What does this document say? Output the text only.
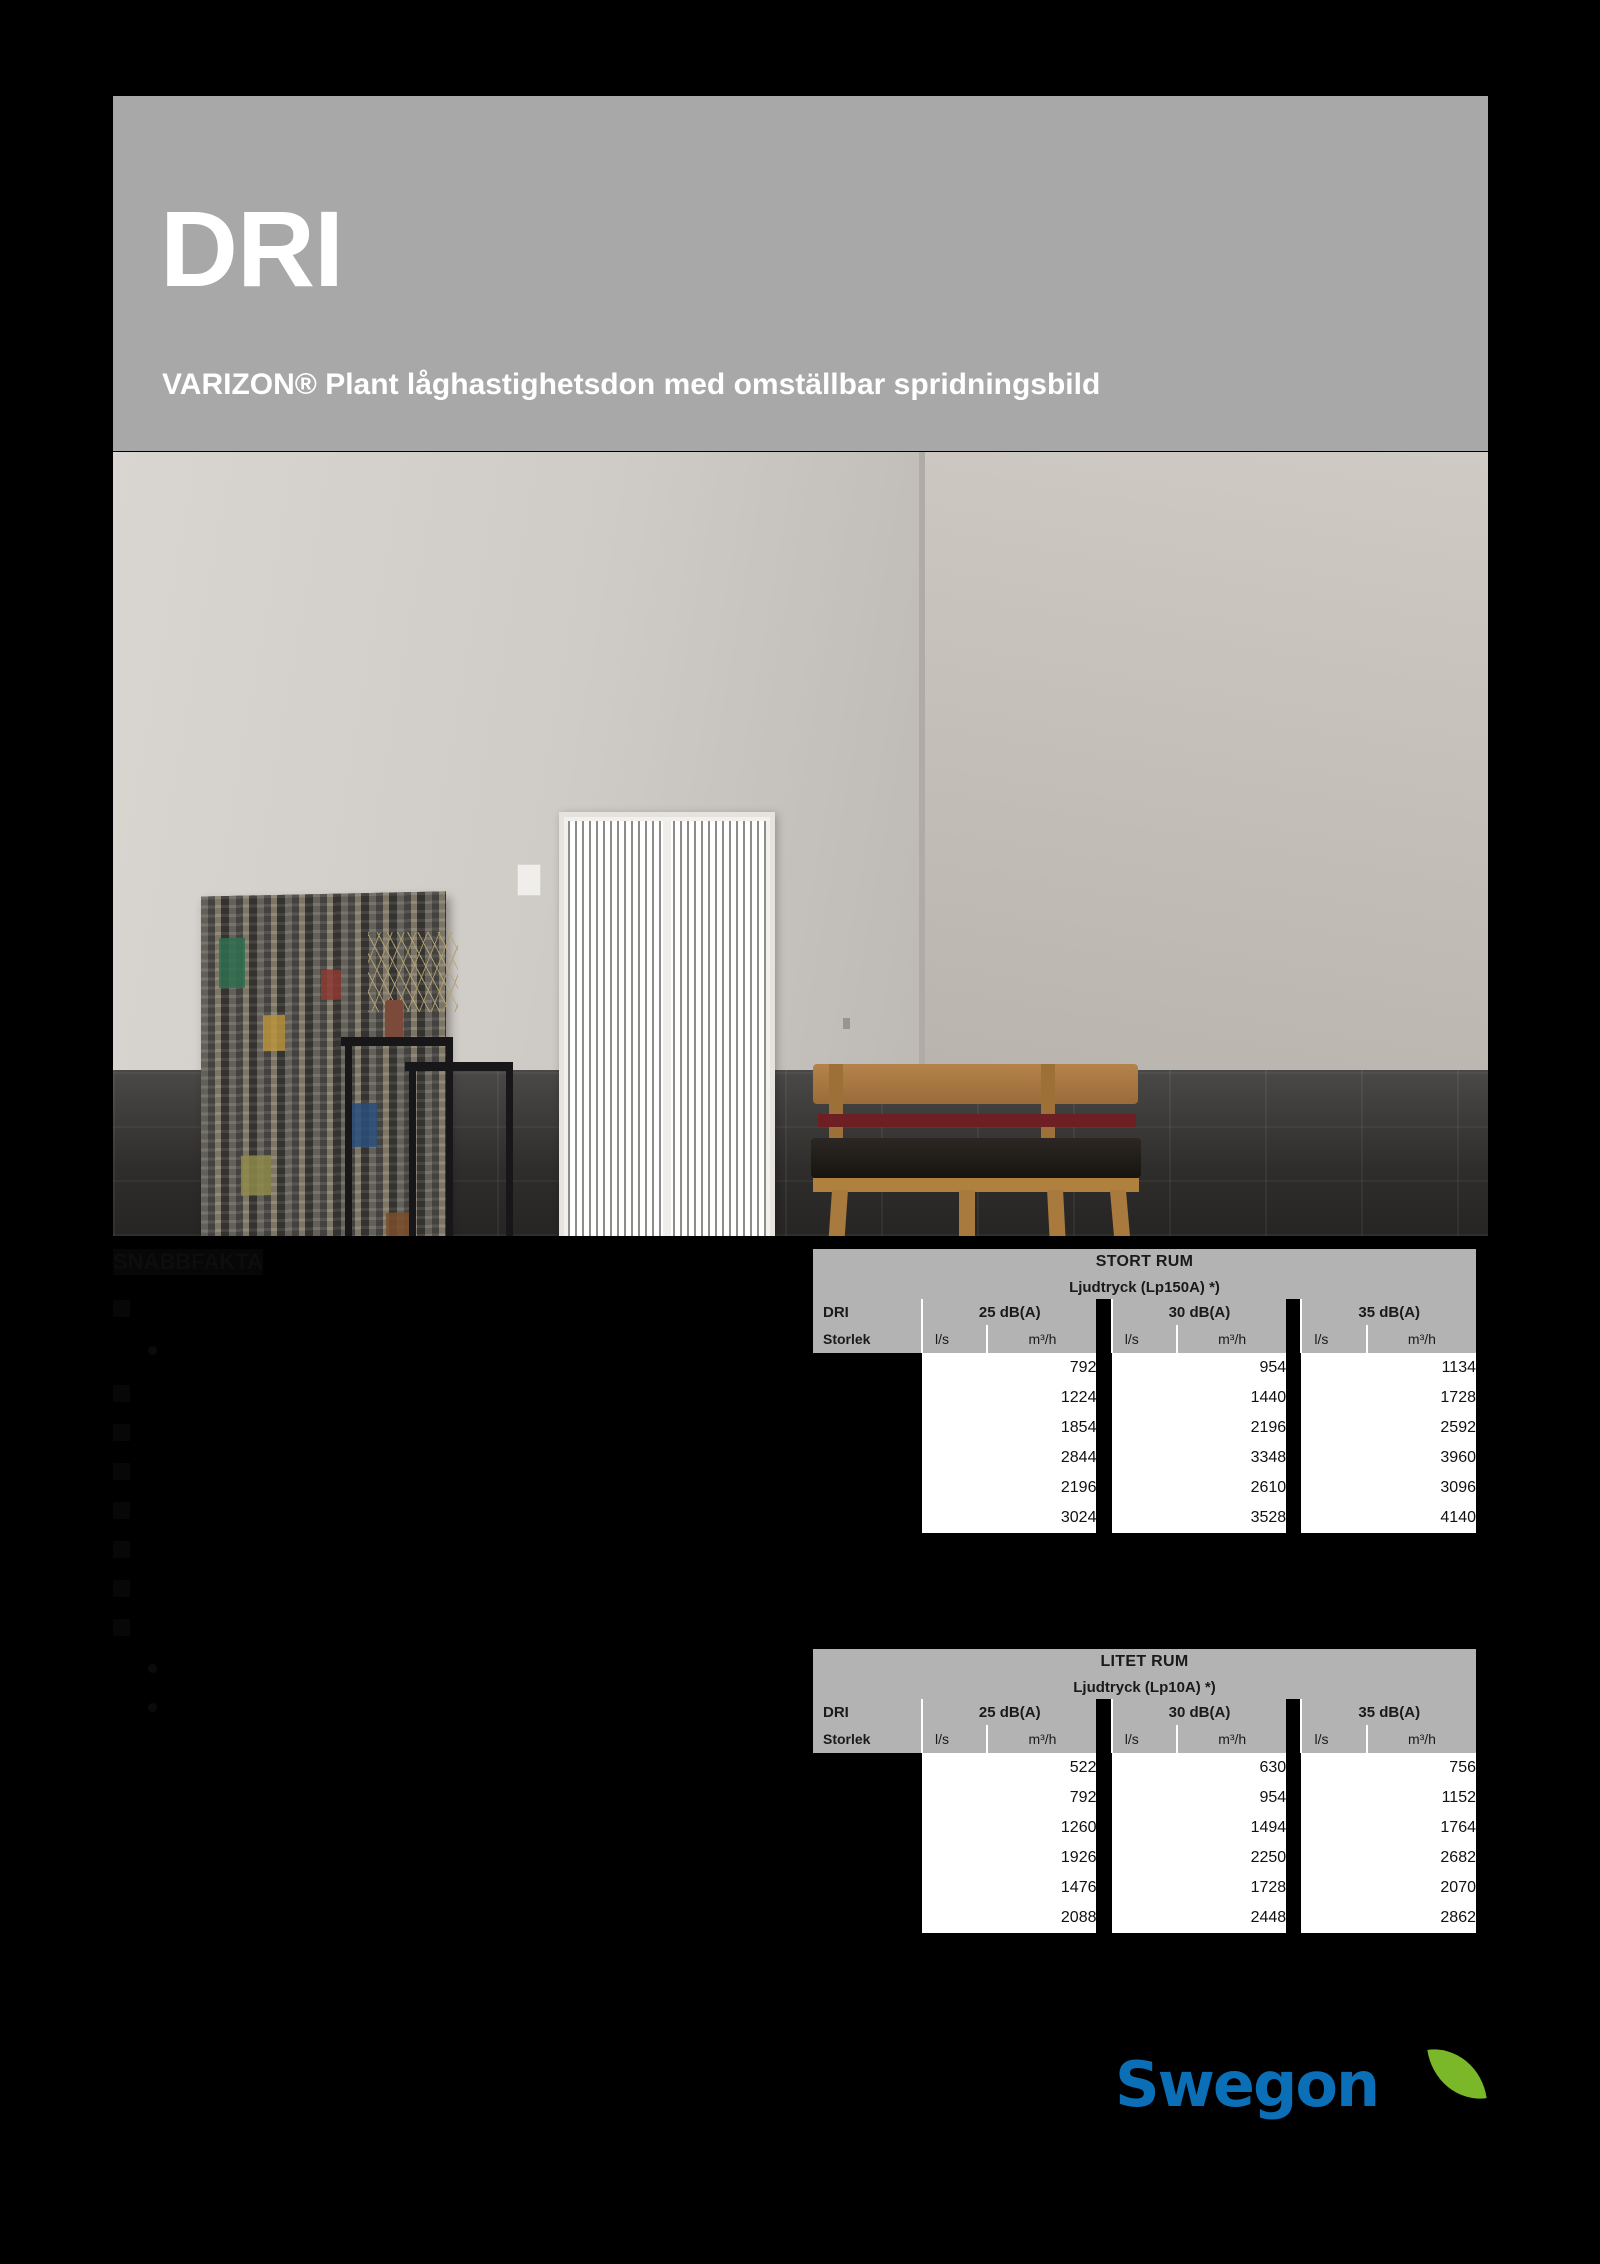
DRI
VARIZON® Plant låghastighetsdon med omställbar spridningsbild
SNABBFAKTA	STORT RUM								
Ljudtryck (Lp150A) *)								
DRI	25 dB(A)			30 dB(A)			35 dB(A)	
Storlek	l/s	m³/h		l/s	m³/h		l/s	m³/h
		792			954			1134
		1224			1440			1728
		1854			2196			2592
		2844			3348			3960
		2196			2610			3096
		3024			3528			4140
LITET RUM								
Ljudtryck (Lp10A) *)								
DRI	25 dB(A)			30 dB(A)			35 dB(A)	
Storlek	l/s	m³/h		l/s	m³/h		l/s	m³/h
		522			630			756
		792			954			1152
		1260			1494			1764
		1926			2250			2682
		1476			1728			2070
		2088			2448			2862
Swegon
